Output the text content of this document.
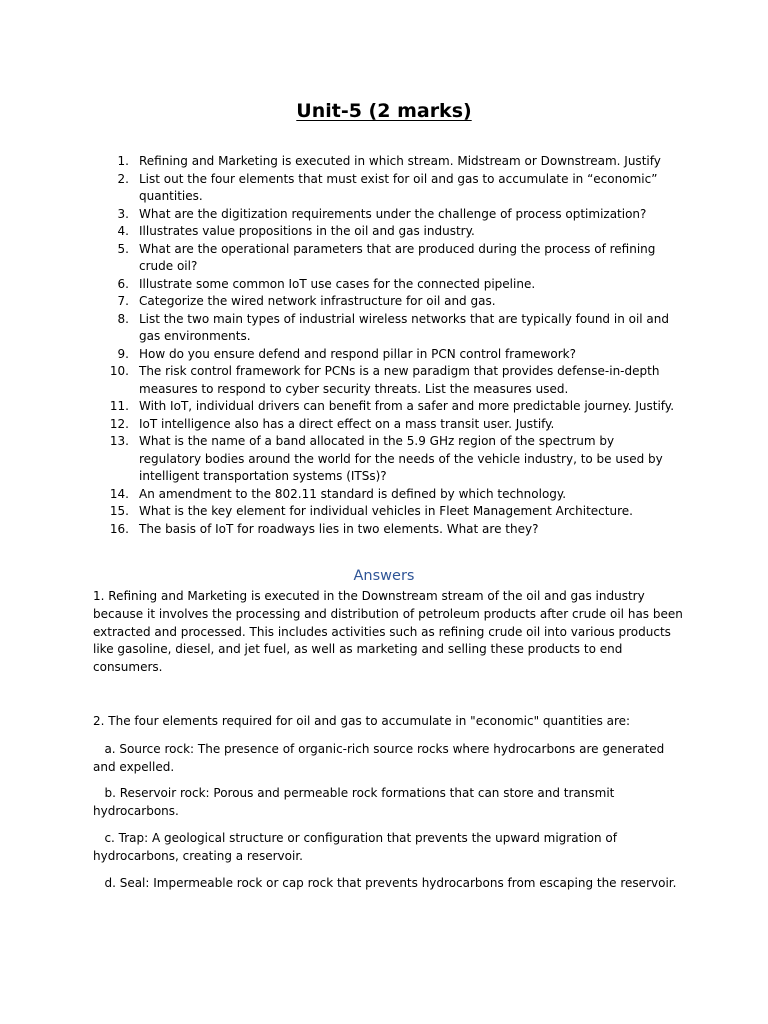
Unit-5 (2 marks)
1. Refining and Marketing is executed in which stream. Midstream or Downstream. Justify
2. List out the four elements that must exist for oil and gas to accumulate in “economic” quantities.
3. What are the digitization requirements under the challenge of process optimization?
4. Illustrates value propositions in the oil and gas industry.
5. What are the operational parameters that are produced during the process of refining crude oil?
6. Illustrate some common IoT use cases for the connected pipeline.
7. Categorize the wired network infrastructure for oil and gas.
8. List the two main types of industrial wireless networks that are typically found in oil and gas environments.
9. How do you ensure defend and respond pillar in PCN control framework?
10. The risk control framework for PCNs is a new paradigm that provides defense-in-depth measures to respond to cyber security threats. List the measures used.
11. With IoT, individual drivers can benefit from a safer and more predictable journey. Justify.
12. IoT intelligence also has a direct effect on a mass transit user. Justify.
13. What is the name of a band allocated in the 5.9 GHz region of the spectrum by regulatory bodies around the world for the needs of the vehicle industry, to be used by intelligent transportation systems (ITSs)?
14. An amendment to the 802.11 standard is defined by which technology.
15. What is the key element for individual vehicles in Fleet Management Architecture.
16. The basis of IoT for roadways lies in two elements. What are they?
Answers

1. Refining and Marketing is executed in the Downstream stream of the oil and gas industry because it involves the processing and distribution of petroleum products after crude oil has been extracted and processed. This includes activities such as refining crude oil into various products like gasoline, diesel, and jet fuel, as well as marketing and selling these products to end consumers.

2. The four elements required for oil and gas to accumulate in "economic" quantities are:

a. Source rock: The presence of organic-rich source rocks where hydrocarbons are generated and expelled.

b. Reservoir rock: Porous and permeable rock formations that can store and transmit hydrocarbons.

c. Trap: A geological structure or configuration that prevents the upward migration of hydrocarbons, creating a reservoir.

d. Seal: Impermeable rock or cap rock that prevents hydrocarbons from escaping the reservoir.
